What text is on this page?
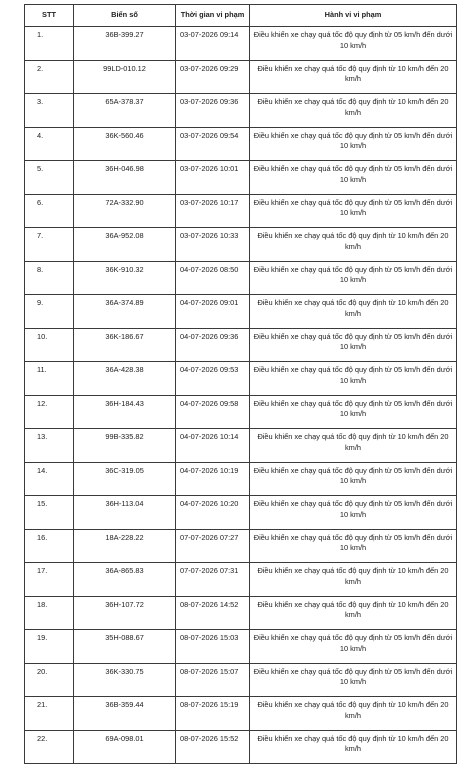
STT	Biển số	Thời gian vi phạm	Hành vi vi phạm
1.	36B-399.27	03-07-2026 09:14	Điều khiển xe chạy quá tốc độ quy định từ 05 km/h đến dưới 10 km/h
2.	99LD-010.12	03-07-2026 09:29	Điều khiển xe chạy quá tốc độ quy định từ 10 km/h đến 20 km/h
3.	65A-378.37	03-07-2026 09:36	Điều khiển xe chạy quá tốc độ quy định từ 10 km/h đến 20 km/h
4.	36K-560.46	03-07-2026 09:54	Điều khiển xe chạy quá tốc độ quy định từ 05 km/h đến dưới 10 km/h
5.	36H-046.98	03-07-2026 10:01	Điều khiển xe chạy quá tốc độ quy định từ 05 km/h đến dưới 10 km/h
6.	72A-332.90	03-07-2026 10:17	Điều khiển xe chạy quá tốc độ quy định từ 05 km/h đến dưới 10 km/h
7.	36A-952.08	03-07-2026 10:33	Điều khiển xe chạy quá tốc độ quy định từ 10 km/h đến 20 km/h
8.	36K-910.32	04-07-2026 08:50	Điều khiển xe chạy quá tốc độ quy định từ 05 km/h đến dưới 10 km/h
9.	36A-374.89	04-07-2026 09:01	Điều khiển xe chạy quá tốc độ quy định từ 10 km/h đến 20 km/h
10.	36K-186.67	04-07-2026 09:36	Điều khiển xe chạy quá tốc độ quy định từ 05 km/h đến dưới 10 km/h
11.	36A-428.38	04-07-2026 09:53	Điều khiển xe chạy quá tốc độ quy định từ 05 km/h đến dưới 10 km/h
12.	36H-184.43	04-07-2026 09:58	Điều khiển xe chạy quá tốc độ quy định từ 05 km/h đến dưới 10 km/h
13.	99B-335.82	04-07-2026 10:14	Điều khiển xe chạy quá tốc độ quy định từ 10 km/h đến 20 km/h
14.	36C-319.05	04-07-2026 10:19	Điều khiển xe chạy quá tốc độ quy định từ 05 km/h đến dưới 10 km/h
15.	36H-113.04	04-07-2026 10:20	Điều khiển xe chạy quá tốc độ quy định từ 05 km/h đến dưới 10 km/h
16.	18A-228.22	07-07-2026 07:27	Điều khiển xe chạy quá tốc độ quy định từ 05 km/h đến dưới 10 km/h
17.	36A-865.83	07-07-2026 07:31	Điều khiển xe chạy quá tốc độ quy định từ 10 km/h đến 20 km/h
18.	36H-107.72	08-07-2026 14:52	Điều khiển xe chạy quá tốc độ quy định từ 10 km/h đến 20 km/h
19.	35H-088.67	08-07-2026 15:03	Điều khiển xe chạy quá tốc độ quy định từ 05 km/h đến dưới 10 km/h
20.	36K-330.75	08-07-2026 15:07	Điều khiển xe chạy quá tốc độ quy định từ 05 km/h đến dưới 10 km/h
21.	36B-359.44	08-07-2026 15:19	Điều khiển xe chạy quá tốc độ quy định từ 10 km/h đến 20 km/h
22.	69A-098.01	08-07-2026 15:52	Điều khiển xe chạy quá tốc độ quy định từ 10 km/h đến 20 km/h
